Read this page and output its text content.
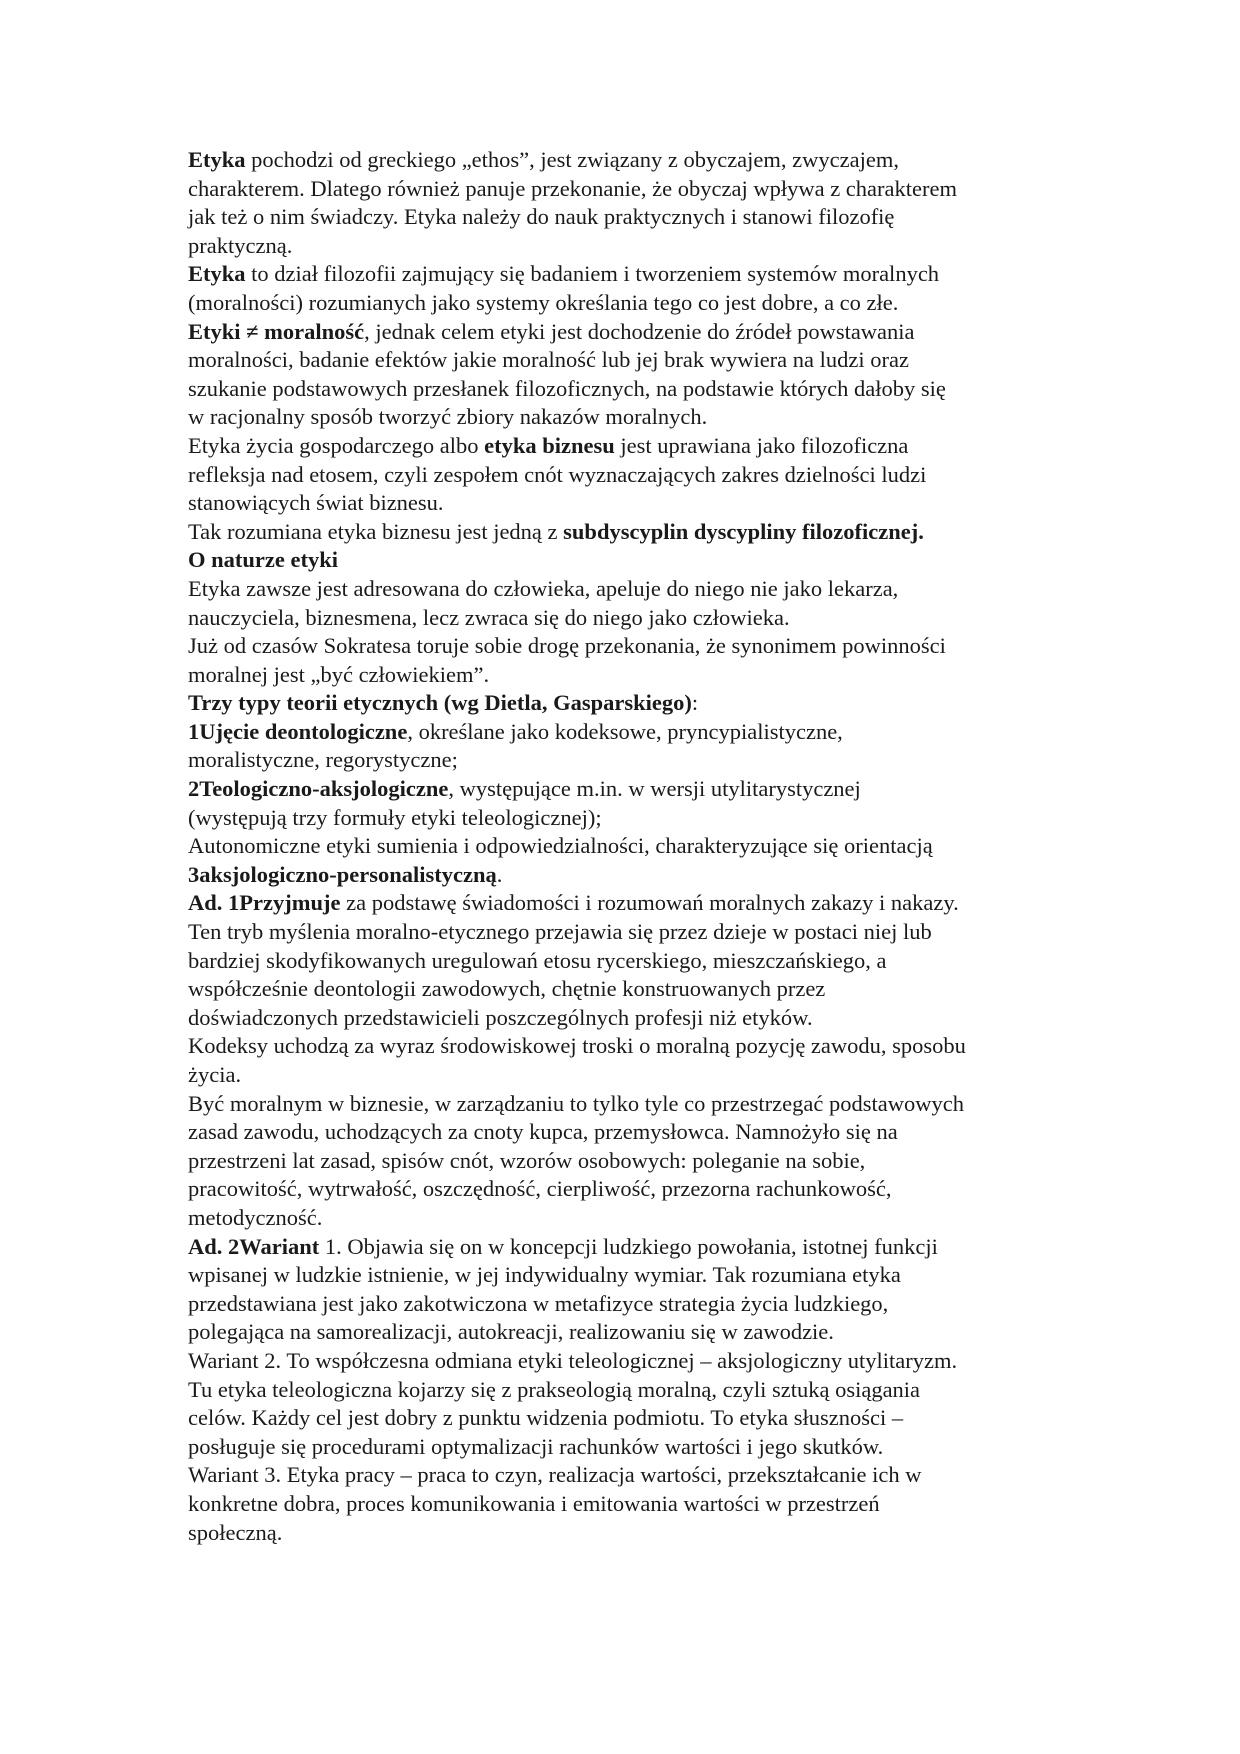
Etyka pochodzi od greckiego „ethos”, jest związany z obyczajem, zwyczajem,

charakterem. Dlatego również panuje przekonanie, że obyczaj wpływa z charakterem

jak też o nim świadczy. Etyka należy do nauk praktycznych i stanowi filozofię

praktyczną.

Etyka to dział filozofii zajmujący się badaniem i tworzeniem systemów moralnych

(moralności) rozumianych jako systemy określania tego co jest dobre, a co złe.

Etyki ≠ moralność, jednak celem etyki jest dochodzenie do źródeł powstawania

moralności, badanie efektów jakie moralność lub jej brak wywiera na ludzi oraz

szukanie podstawowych przesłanek filozoficznych, na podstawie których dałoby się

w racjonalny sposób tworzyć zbiory nakazów moralnych.

Etyka życia gospodarczego albo etyka biznesu jest uprawiana jako filozoficzna

refleksja nad etosem, czyli zespołem cnót wyznaczających zakres dzielności ludzi

stanowiących świat biznesu.

Tak rozumiana etyka biznesu jest jedną z subdyscyplin dyscypliny filozoficznej.

O naturze etyki

Etyka zawsze jest adresowana do człowieka, apeluje do niego nie jako lekarza,

nauczyciela, biznesmena, lecz zwraca się do niego jako człowieka.

Już od czasów Sokratesa toruje sobie drogę przekonania, że synonimem powinności

moralnej jest „być człowiekiem”.

Trzy typy teorii etycznych (wg Dietla, Gasparskiego):

1Ujęcie deontologiczne, określane jako kodeksowe, pryncypialistyczne,

moralistyczne, regorystyczne;

2Teologiczno-aksjologiczne, występujące m.in. w wersji utylitarystycznej

(występują trzy formuły etyki teleologicznej);

Autonomiczne etyki sumienia i odpowiedzialności, charakteryzujące się orientacją

3aksjologiczno-personalistyczną.

Ad. 1Przyjmuje za podstawę świadomości i rozumowań moralnych zakazy i nakazy.

Ten tryb myślenia moralno-etycznego przejawia się przez dzieje w postaci niej lub

bardziej skodyfikowanych uregulowań etosu rycerskiego, mieszczańskiego, a

współcześnie deontologii zawodowych, chętnie konstruowanych przez

doświadczonych przedstawicieli poszczególnych profesji niż etyków.

Kodeksy uchodzą za wyraz środowiskowej troski o moralną pozycję zawodu, sposobu

życia.

Być moralnym w biznesie, w zarządzaniu to tylko tyle co przestrzegać podstawowych

zasad zawodu, uchodzących za cnoty kupca, przemysłowca. Namnożyło się na

przestrzeni lat zasad, spisów cnót, wzorów osobowych: poleganie na sobie,

pracowitość, wytrwałość, oszczędność, cierpliwość, przezorna rachunkowość,

metodyczność.

Ad. 2Wariant 1. Objawia się on w koncepcji ludzkiego powołania, istotnej funkcji

wpisanej w ludzkie istnienie, w jej indywidualny wymiar. Tak rozumiana etyka

przedstawiana jest jako zakotwiczona w metafizyce strategia życia ludzkiego,

polegająca na samorealizacji, autokreacji, realizowaniu się w zawodzie.

Wariant 2. To współczesna odmiana etyki teleologicznej – aksjologiczny utylitaryzm.

Tu etyka teleologiczna kojarzy się z prakseologią moralną, czyli sztuką osiągania

celów. Każdy cel jest dobry z punktu widzenia podmiotu. To etyka słuszności –

posługuje się procedurami optymalizacji rachunków wartości i jego skutków.

Wariant 3. Etyka pracy – praca to czyn, realizacja wartości, przekształcanie ich w

konkretne dobra, proces komunikowania i emitowania wartości w przestrzeń

społeczną.
